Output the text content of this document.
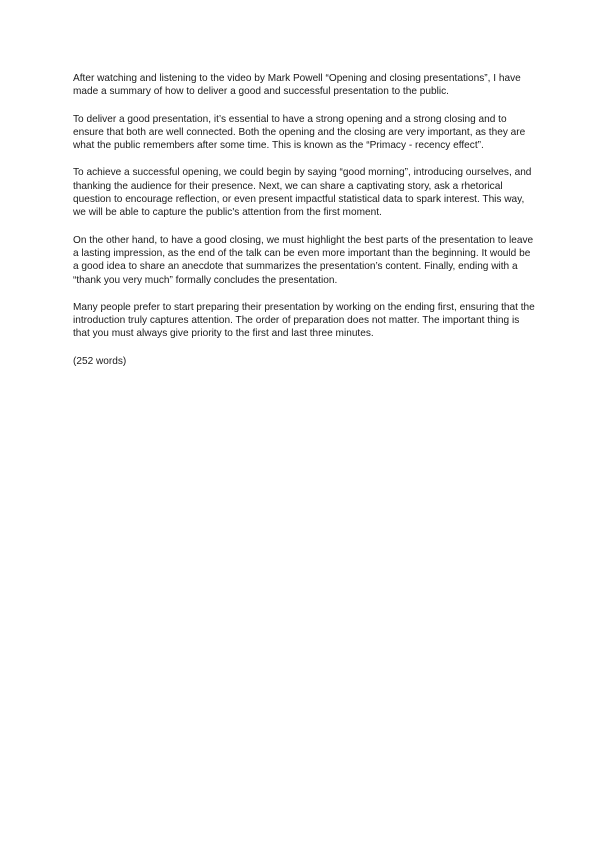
After watching and listening to the video by Mark Powell “Opening and closing presentations”, I have made a summary of how to deliver a good and successful presentation to the public.

To deliver a good presentation, it’s essential to have a strong opening and a strong closing and to ensure that both are well connected. Both the opening and the closing are very important, as they are what the public remembers after some time. This is known as the “Primacy - recency effect”.

To achieve a successful opening, we could begin by saying “good morning”, introducing ourselves, and thanking the audience for their presence. Next, we can share a captivating story, ask a rhetorical question to encourage reflection, or even present impactful statistical data to spark interest. This way, we will be able to capture the public's attention from the first moment.

On the other hand, to have a good closing, we must highlight the best parts of the presentation to leave a lasting impression, as the end of the talk can be even more important than the beginning. It would be a good idea to share an anecdote that summarizes the presentation’s content. Finally, ending with a “thank you very much” formally concludes the presentation.

Many people prefer to start preparing their presentation by working on the ending first, ensuring that the introduction truly captures attention. The order of preparation does not matter. The important thing is that you must always give priority to the first and last three minutes.

(252 words)
